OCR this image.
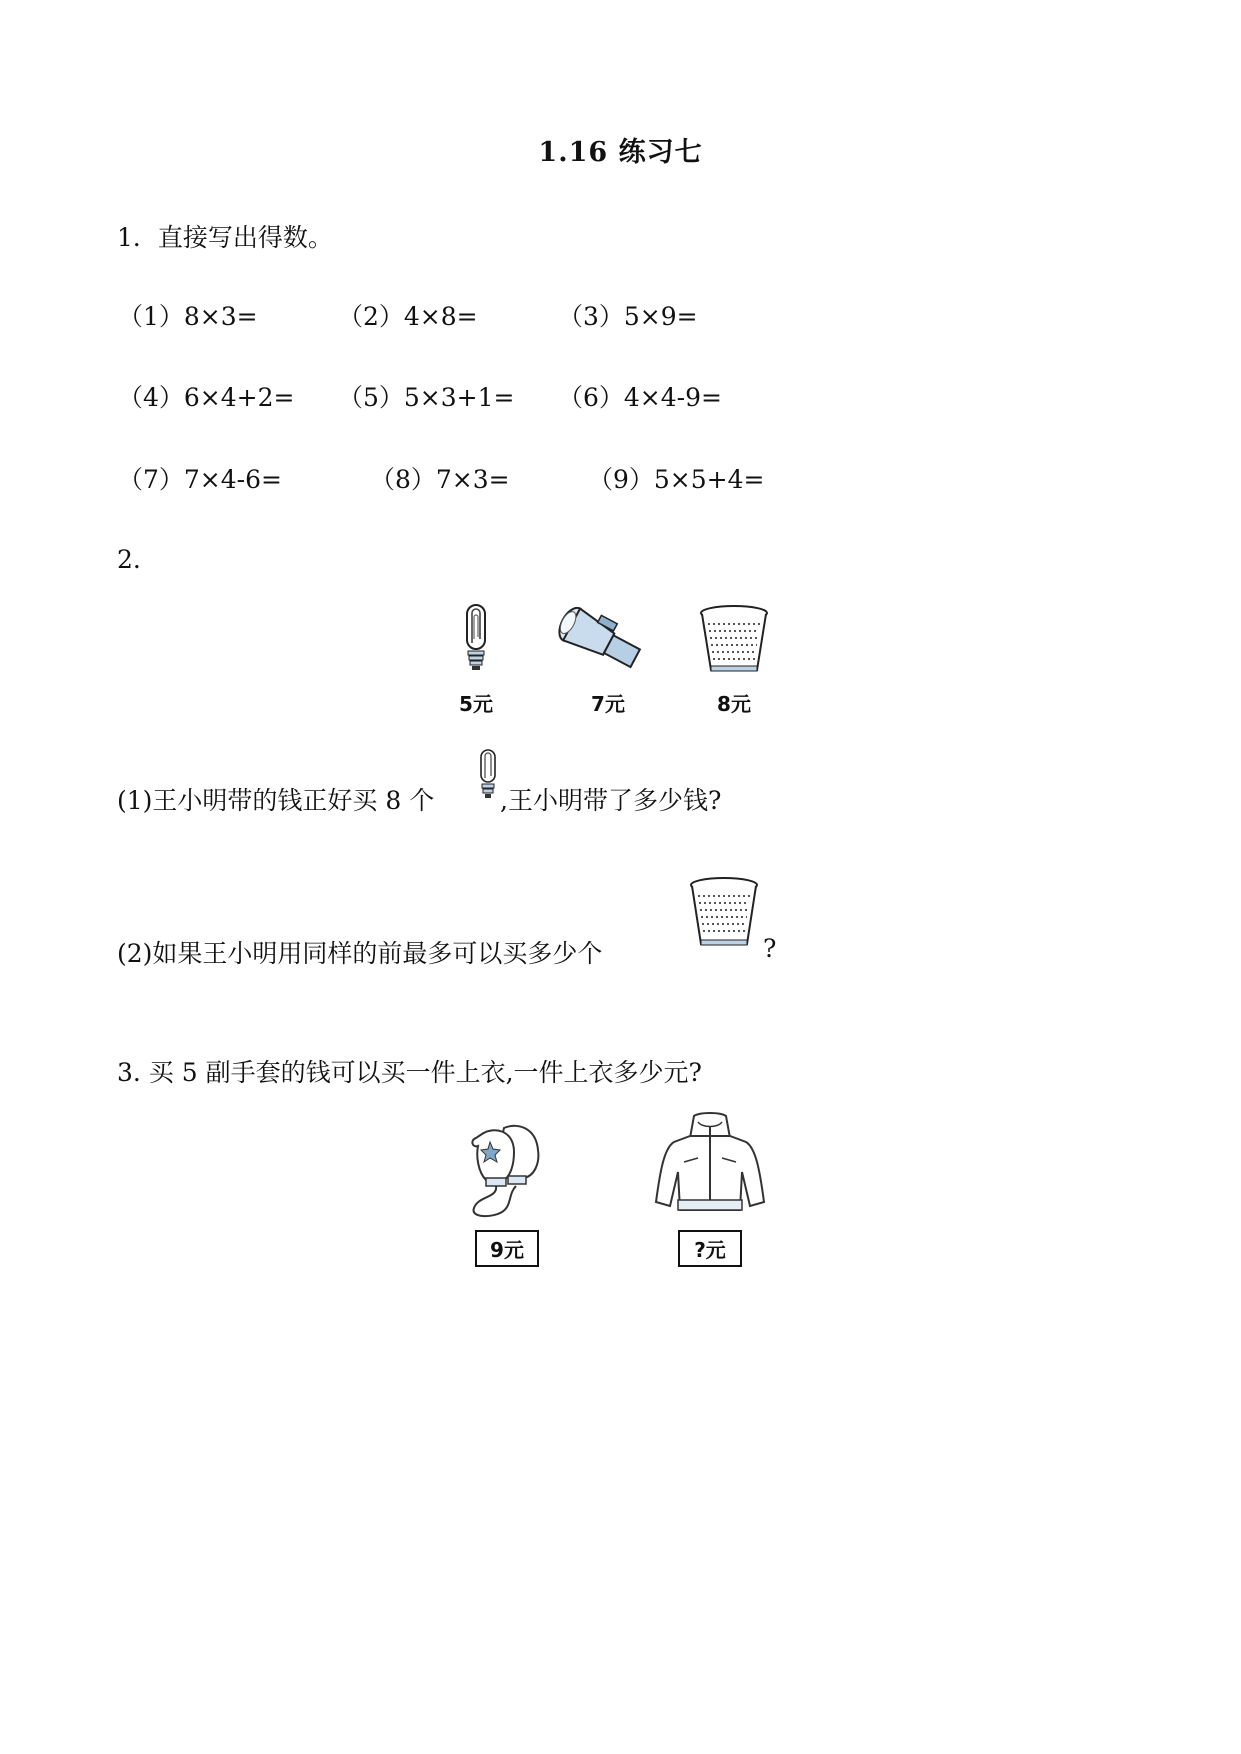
1.16 练习七
1．直接写出得数。
（1）8×3=	（2）4×8=	（3）5×9=
（4）6×4+2= （5）5×3+1= （6）4×4-9=
（7）7×4-6=	（8）7×3=	（9）5×5+4=
2.
5元	7元	8元
(1)王小明带的钱正好买 8 个	,王小明带了多少钱?
(2)如果王小明用同样的前最多可以买多少个	?
3. 买 5 副手套的钱可以买一件上衣,一件上衣多少元?
9元	?元
